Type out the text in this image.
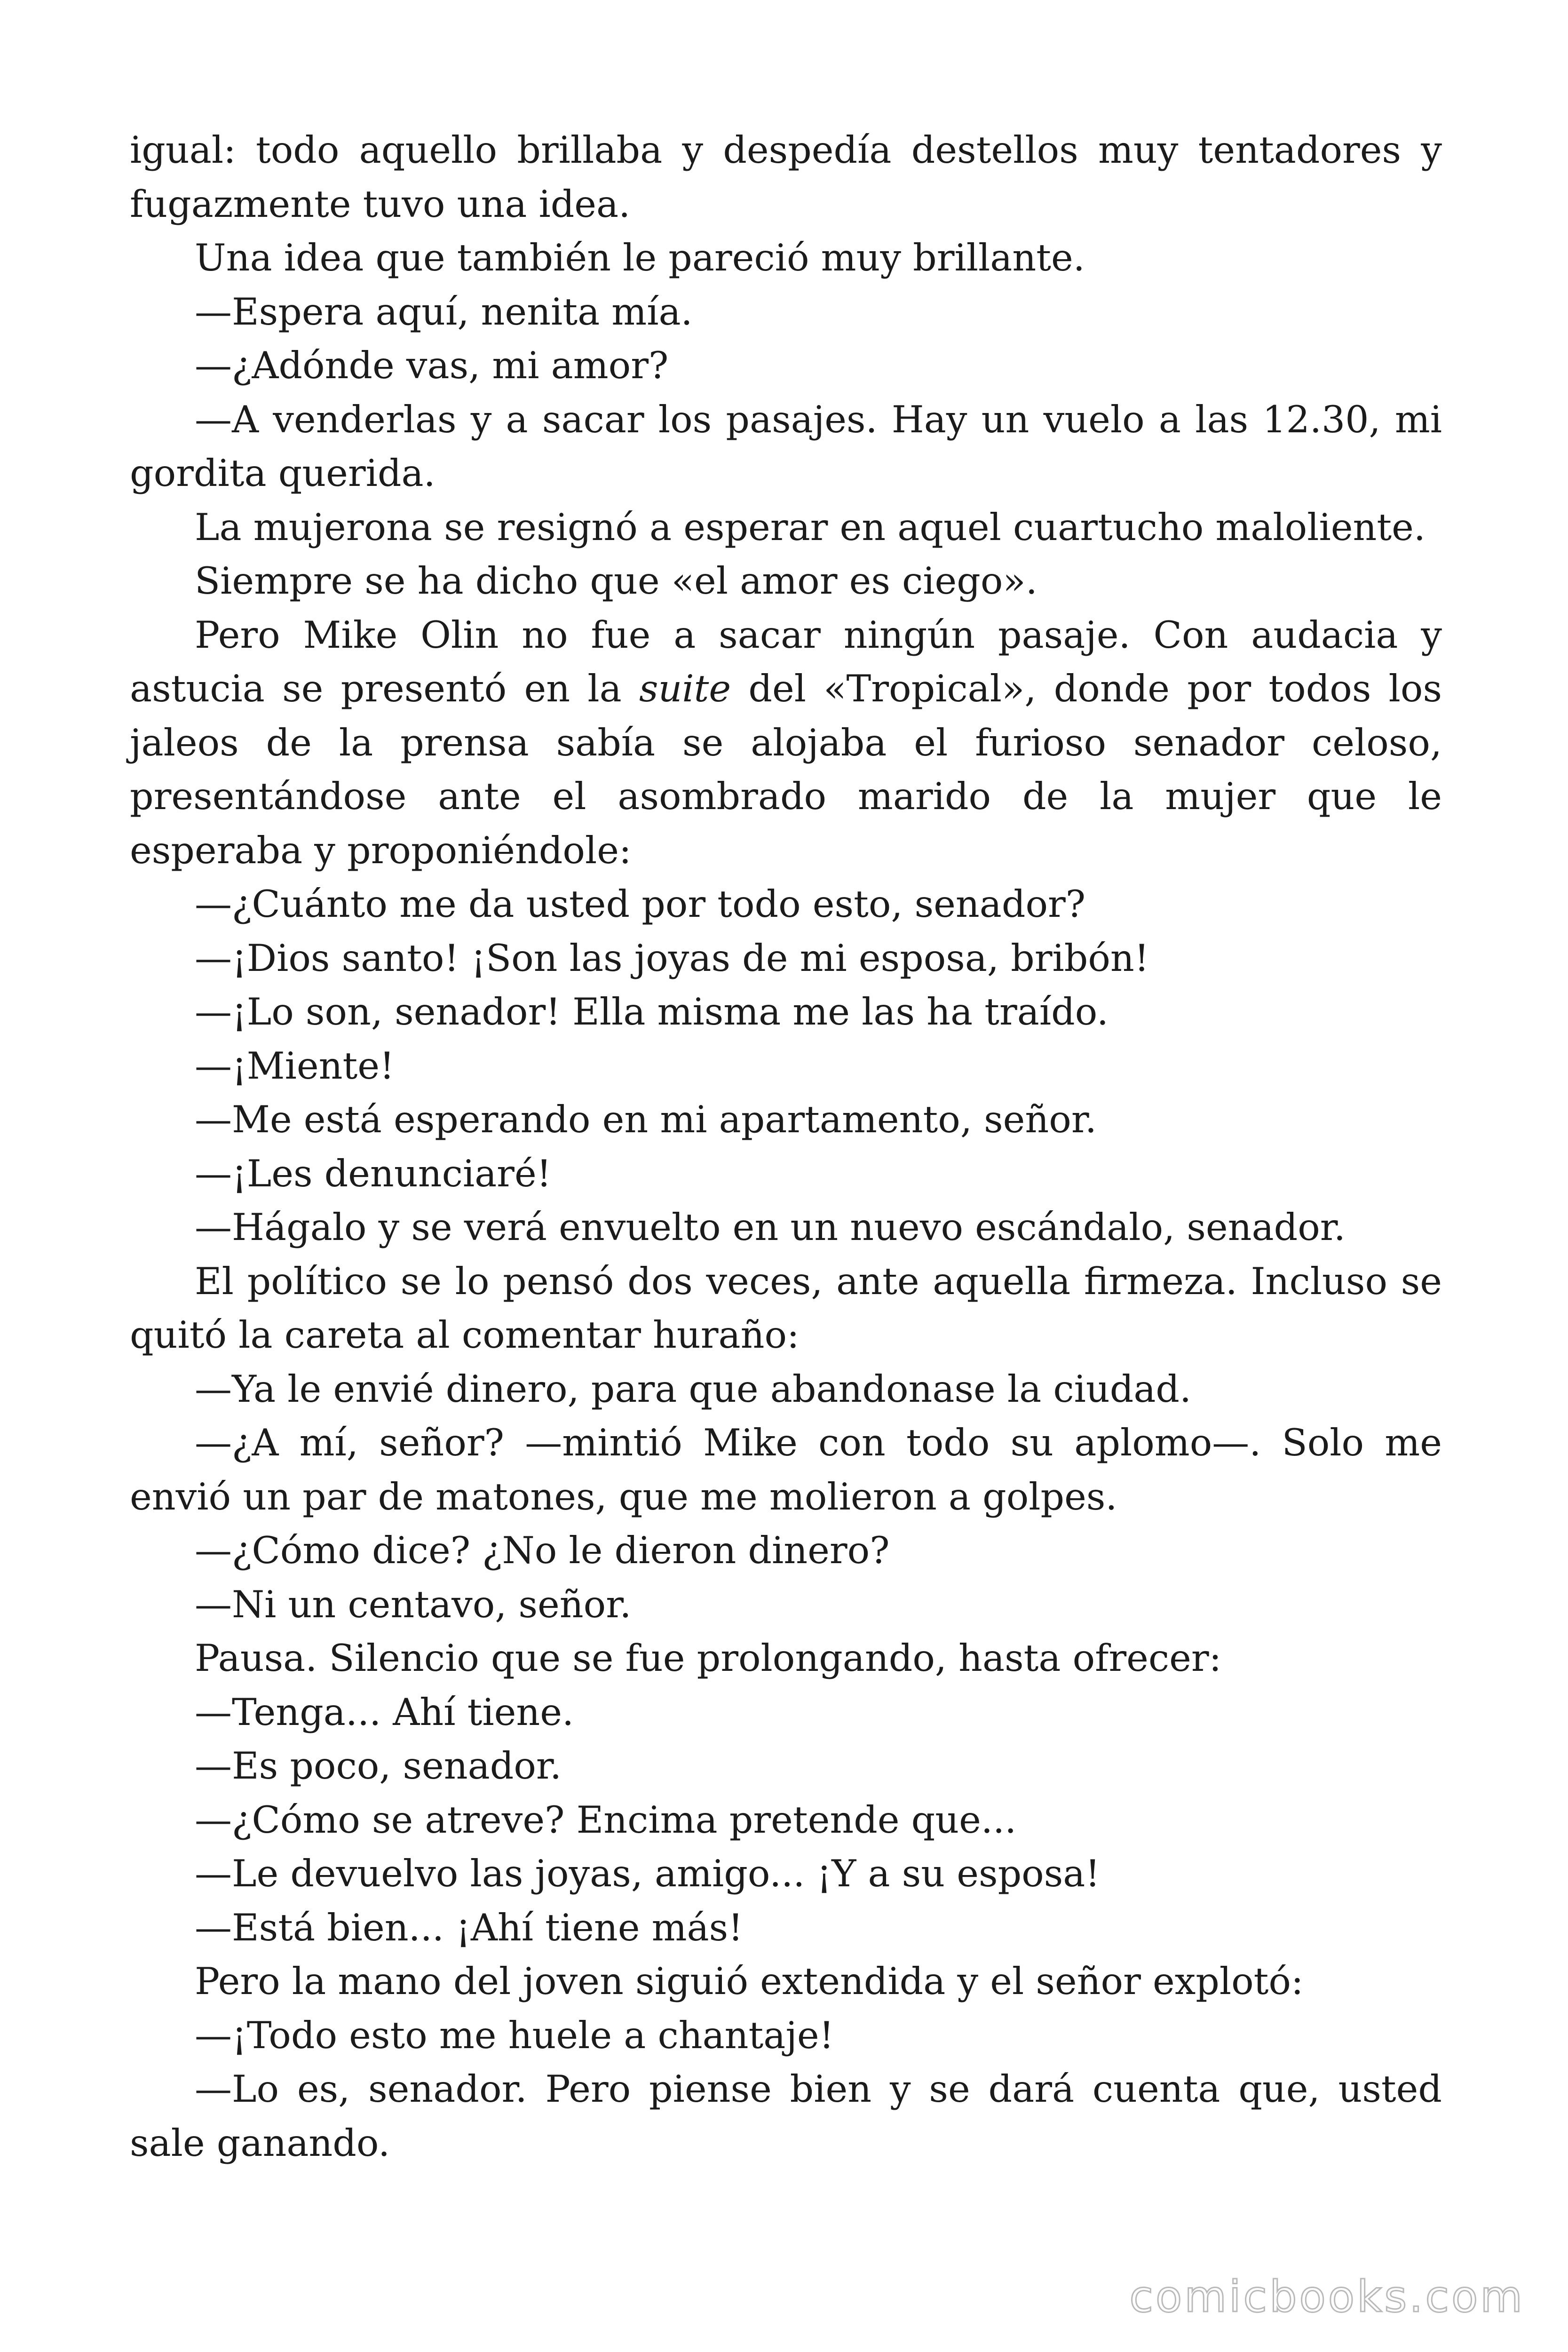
igual: todo aquello brillaba y despedía destellos muy tentadores y fugazmente tuvo una idea.

Una idea que también le pareció muy brillante.

—Espera aquí, nenita mía.

—¿Adónde vas, mi amor?

—A venderlas y a sacar los pasajes. Hay un vuelo a las 12.30, mi gordita querida.

La mujerona se resignó a esperar en aquel cuartucho maloliente.

Siempre se ha dicho que «el amor es ciego».

Pero Mike Olin no fue a sacar ningún pasaje. Con audacia y astucia se presentó en la suite del «Tropical», donde por todos los jaleos de la prensa sabía se alojaba el furioso senador celoso, presentándose ante el asombrado marido de la mujer que le esperaba y proponiéndole:

—¿Cuánto me da usted por todo esto, senador?

—¡Dios santo! ¡Son las joyas de mi esposa, bribón!

—¡Lo son, senador! Ella misma me las ha traído.

—¡Miente!

—Me está esperando en mi apartamento, señor.

—¡Les denunciaré!

—Hágalo y se verá envuelto en un nuevo escándalo, senador.

El político se lo pensó dos veces, ante aquella firmeza. Incluso se quitó la careta al comentar huraño:

—Ya le envié dinero, para que abandonase la ciudad.

—¿A mí, señor? —mintió Mike con todo su aplomo—. Solo me envió un par de matones, que me molieron a golpes.

—¿Cómo dice? ¿No le dieron dinero?

—Ni un centavo, señor.

Pausa. Silencio que se fue prolongando, hasta ofrecer:

—Tenga... Ahí tiene.

—Es poco, senador.

—¿Cómo se atreve? Encima pretende que...

—Le devuelvo las joyas, amigo... ¡Y a su esposa!

—Está bien... ¡Ahí tiene más!

Pero la mano del joven siguió extendida y el señor explotó:

—¡Todo esto me huele a chantaje!

—Lo es, senador. Pero piense bien y se dará cuenta que, usted sale ganando.

comicbooks.com
